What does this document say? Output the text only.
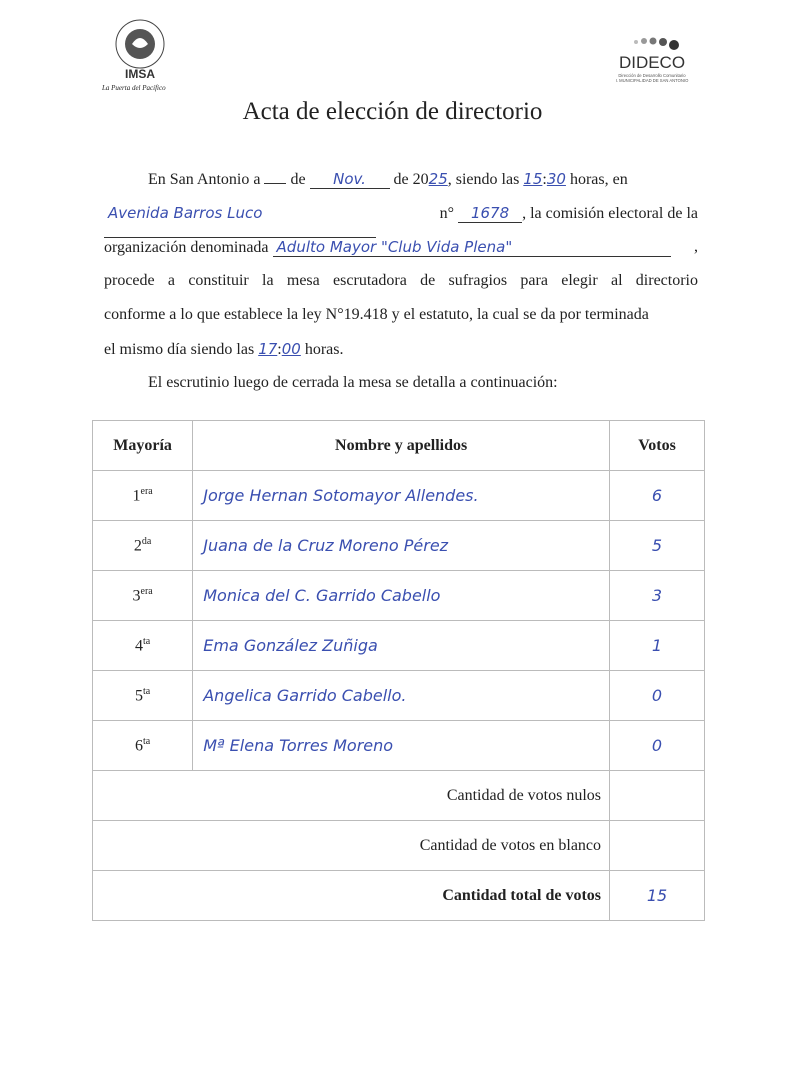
IMSA
La Puerta del Pacífico
DIDECO
Dirección de Desarrollo Comunitario
I. MUNICIPALIDAD DE SAN ANTONIO
Acta de elección de directorio
En San Antonio a de Nov. de 2025, siendo las 15:30 horas, en
Avenida Barros Luco	n° 1678 , la comisión electoral de la
organización denominada Adulto Mayor "Club Vida Plena"	,
procede a constituir la mesa escrutadora de sufragios para elegir al directorio
conforme a lo que establece la ley N°19.418 y el estatuto, la cual se da por terminada
el mismo día siendo las 17:00 horas.
El escrutinio luego de cerrada la mesa se detalla a continuación:
Mayoría	Nombre y apellidos	Votos
$1^{era}$	Jorge Hernan Sotomayor Allendes.	6
$2^{da}$	Juana de la Cruz Moreno Pérez	5
$3^{era}$	Monica del C. Garrido Cabello	3
$4^{ta}$	Ema González Zuñiga	1
$5^{ta}$	Angelica Garrido Cabello.	0
$6^{ta}$	Mª Elena Torres Moreno	0
Cantidad de votos nulos		
Cantidad de votos en blanco		
Cantidad total de votos		15
